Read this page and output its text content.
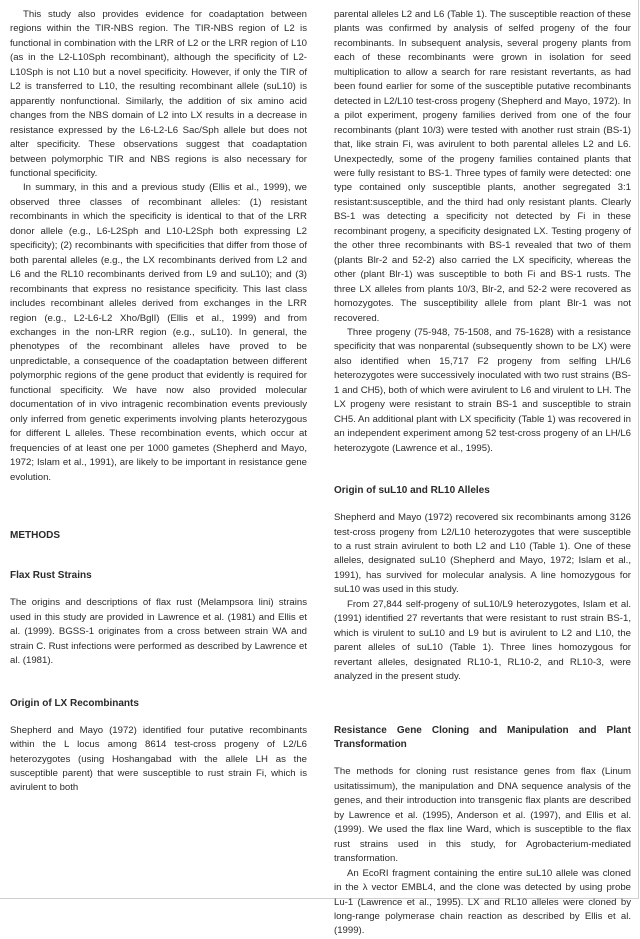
This study also provides evidence for coadaptation between regions within the TIR-NBS region. The TIR-NBS region of L2 is functional in combination with the LRR of L2 or the LRR region of L10 (as in the L2-L10Sph recombinant), although the specificity of L2-L10Sph is not L10 but a novel specificity. However, if only the TIR of L2 is transferred to L10, the resulting recombinant allele (suL10) is apparently nonfunctional. Similarly, the addition of six amino acid changes from the NBS domain of L2 into LX results in a decrease in resistance expressed by the L6-L2-L6 Sac/Sph allele but does not alter specificity. These observations suggest that coadaptation between polymorphic TIR and NBS regions is also necessary for functional specificity.

In summary, in this and a previous study (Ellis et al., 1999), we observed three classes of recombinant alleles: (1) resistant recombinants in which the specificity is identical to that of the LRR donor allele (e.g., L6-L2Sph and L10-L2Sph both expressing L2 specificity); (2) recombinants with specificities that differ from those of both parental alleles (e.g., the LX recombinants derived from L2 and L6 and the RL10 recombinants derived from L9 and suL10); and (3) recombinants that express no resistance specificity. This last class includes recombinant alleles derived from exchanges in the LRR region (e.g., L2-L6-L2 Xho/BglI) (Ellis et al., 1999) and from exchanges in the non-LRR region (e.g., suL10). In general, the phenotypes of the recombinant alleles have proved to be unpredictable, a consequence of the coadaptation between different polymorphic regions of the gene product that evidently is required for functional specificity. We have now also provided molecular documentation of in vivo intragenic recombination events previously only inferred from genetic experiments involving plants heterozygous for different L alleles. These recombination events, which occur at frequencies of at least one per 1000 gametes (Shepherd and Mayo, 1972; Islam et al., 1991), are likely to be important in resistance gene evolution.

METHODS

Flax Rust Strains

The origins and descriptions of flax rust (Melampsora lini) strains used in this study are provided in Lawrence et al. (1981) and Ellis et al. (1999). BGSS-1 originates from a cross between strain WA and strain C. Rust infections were performed as described by Lawrence et al. (1981).

Origin of LX Recombinants

Shepherd and Mayo (1972) identified four putative recombinants within the L locus among 8614 test-cross progeny of L2/L6 heterozygotes (using Hoshangabad with the allele LH as the susceptible parent) that were susceptible to rust strain Fi, which is avirulent to both

parental alleles L2 and L6 (Table 1). The susceptible reaction of these plants was confirmed by analysis of selfed progeny of the four recombinants. In subsequent analysis, several progeny plants from each of these recombinants were grown in isolation for seed multiplication to allow a search for rare resistant revertants, as had been found earlier for some of the susceptible putative recombinants detected in L2/L10 test-cross progeny (Shepherd and Mayo, 1972). In a pilot experiment, progeny families derived from one of the four recombinants (plant 10/3) were tested with another rust strain (BS-1) that, like strain Fi, was avirulent to both parental alleles L2 and L6. Unexpectedly, some of the progeny families contained plants that were fully resistant to BS-1. Three types of family were detected: one type contained only susceptible plants, another segregated 3:1 resistant:susceptible, and the third had only resistant plants. Clearly BS-1 was detecting a specificity not detected by Fi in these recombinant progeny, a specificity designated LX. Testing progeny of the other three recombinants with BS-1 revealed that two of them (plants Blr-2 and 52-2) also carried the LX specificity, whereas the other (plant Blr-1) was susceptible to both Fi and BS-1 rusts. The three LX alleles from plants 10/3, Blr-2, and 52-2 were recovered as homozygotes. The susceptibility allele from plant Blr-1 was not recovered.

Three progeny (75-948, 75-1508, and 75-1628) with a resistance specificity that was nonparental (subsequently shown to be LX) were also identified when 15,717 F2 progeny from selfing LH/L6 heterozygotes were successively inoculated with two rust strains (BS-1 and CH5), both of which were avirulent to L6 and virulent to LH. The LX progeny were resistant to strain BS-1 and susceptible to strain CH5. An additional plant with LX specificity (Table 1) was recovered in an independent experiment among 52 test-cross progeny of an LH/L6 heterozygote (Lawrence et al., 1995).

Origin of suL10 and RL10 Alleles

Shepherd and Mayo (1972) recovered six recombinants among 3126 test-cross progeny from L2/L10 heterozygotes that were susceptible to a rust strain avirulent to both L2 and L10 (Table 1). One of these alleles, designated suL10 (Shepherd and Mayo, 1972; Islam et al., 1991), has survived for molecular analysis. A line homozygous for suL10 was used in this study.

From 27,844 self-progeny of suL10/L9 heterozygotes, Islam et al. (1991) identified 27 revertants that were resistant to rust strain BS-1, which is virulent to suL10 and L9 but is avirulent to L2 and L10, the parent alleles of suL10 (Table 1). Three lines homozygous for revertant alleles, designated RL10-1, RL10-2, and RL10-3, were analyzed in the present study.

Resistance Gene Cloning and Manipulation and Plant Transformation

The methods for cloning rust resistance genes from flax (Linum usitatissimum), the manipulation and DNA sequence analysis of the genes, and their introduction into transgenic flax plants are described by Lawrence et al. (1995), Anderson et al. (1997), and Ellis et al. (1999). We used the flax line Ward, which is susceptible to the flax rust strains used in this study, for Agrobacterium-mediated transformation.

An EcoRI fragment containing the entire suL10 allele was cloned in the λ vector EMBL4, and the clone was detected by using probe Lu-1 (Lawrence et al., 1995). LX and RL10 alleles were cloned by long-range polymerase chain reaction as described by Ellis et al. (1999).
